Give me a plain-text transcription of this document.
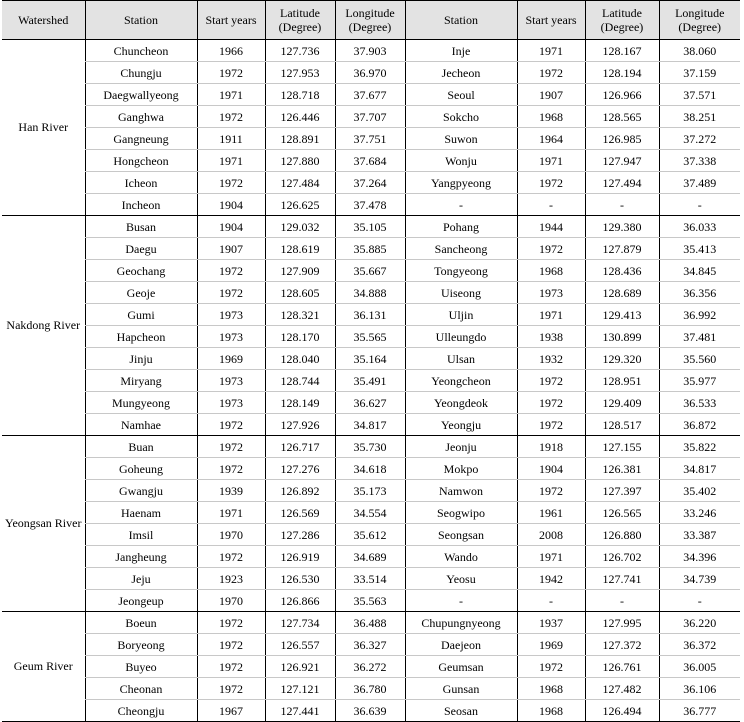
Watershed	Station	Start years	Latitude (Degree)	Longitude (Degree)	Station	Start years	Latitude (Degree)	Longitude (Degree)
Han River	Chuncheon	1966	127.736	37.903	Inje	1971	128.167	38.060
	Chungju	1972	127.953	36.970	Jecheon	1972	128.194	37.159
	Daegwallyeong	1971	128.718	37.677	Seoul	1907	126.966	37.571
	Ganghwa	1972	126.446	37.707	Sokcho	1968	128.565	38.251
	Gangneung	1911	128.891	37.751	Suwon	1964	126.985	37.272
	Hongcheon	1971	127.880	37.684	Wonju	1971	127.947	37.338
	Icheon	1972	127.484	37.264	Yangpyeong	1972	127.494	37.489
	Incheon	1904	126.625	37.478	-	-	-	-
Nakdong River	Busan	1904	129.032	35.105	Pohang	1944	129.380	36.033
	Daegu	1907	128.619	35.885	Sancheong	1972	127.879	35.413
	Geochang	1972	127.909	35.667	Tongyeong	1968	128.436	34.845
	Geoje	1972	128.605	34.888	Uiseong	1973	128.689	36.356
	Gumi	1973	128.321	36.131	Uljin	1971	129.413	36.992
	Hapcheon	1973	128.170	35.565	Ulleungdo	1938	130.899	37.481
	Jinju	1969	128.040	35.164	Ulsan	1932	129.320	35.560
	Miryang	1973	128.744	35.491	Yeongcheon	1972	128.951	35.977
	Mungyeong	1973	128.149	36.627	Yeongdeok	1972	129.409	36.533
	Namhae	1972	127.926	34.817	Yeongju	1972	128.517	36.872
Yeongsan River	Buan	1972	126.717	35.730	Jeonju	1918	127.155	35.822
	Goheung	1972	127.276	34.618	Mokpo	1904	126.381	34.817
	Gwangju	1939	126.892	35.173	Namwon	1972	127.397	35.402
	Haenam	1971	126.569	34.554	Seogwipo	1961	126.565	33.246
	Imsil	1970	127.286	35.612	Seongsan	2008	126.880	33.387
	Jangheung	1972	126.919	34.689	Wando	1971	126.702	34.396
	Jeju	1923	126.530	33.514	Yeosu	1942	127.741	34.739
	Jeongeup	1970	126.866	35.563	-	-	-	-
Geum River	Boeun	1972	127.734	36.488	Chupungnyeong	1937	127.995	36.220
	Boryeong	1972	126.557	36.327	Daejeon	1969	127.372	36.372
	Buyeo	1972	126.921	36.272	Geumsan	1972	126.761	36.005
	Cheonan	1972	127.121	36.780	Gunsan	1968	127.482	36.106
	Cheongju	1967	127.441	36.639	Seosan	1968	126.494	36.777
